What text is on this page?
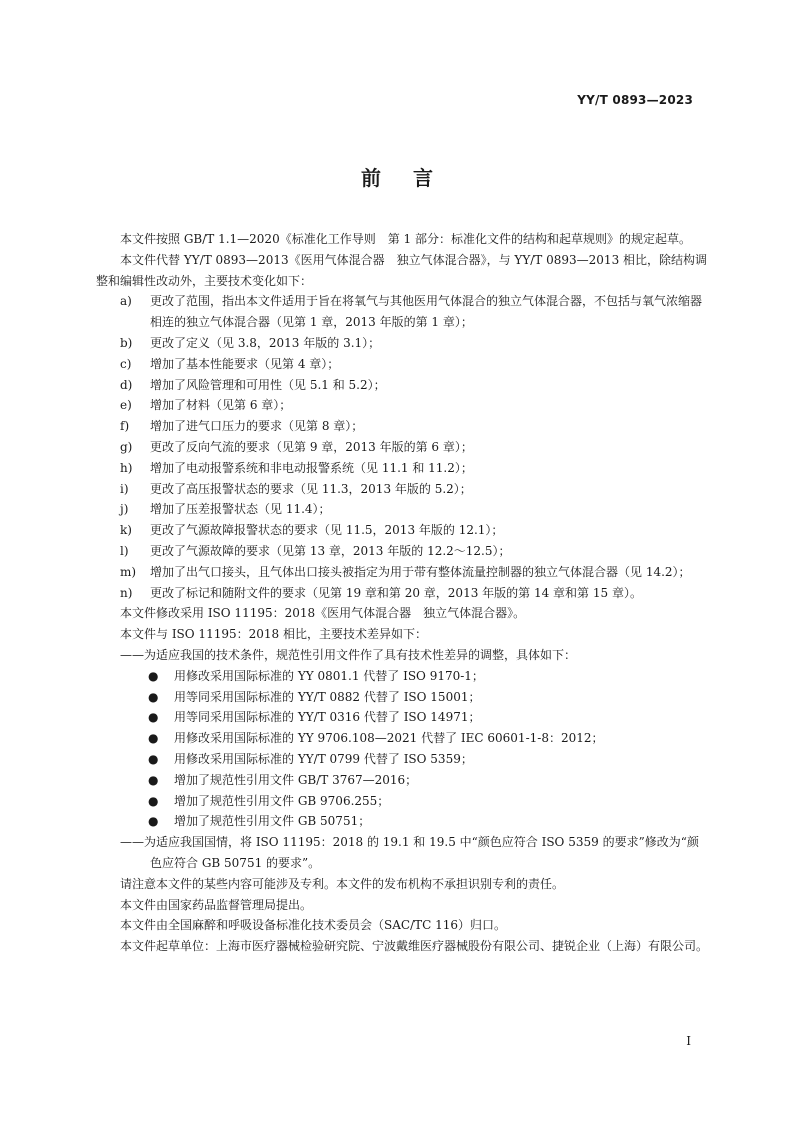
YY/T 0893—2023
前言

本文件按照 GB/T 1.1—2020《标准化工作导则　第 1 部分：标准化文件的结构和起草规则》的规定起草。

本文件代替 YY/T 0893—2013《医用气体混合器　独立气体混合器》，与 YY/T 0893—2013 相比，除结构调整和编辑性改动外，主要技术变化如下：

a)	更改了范围，指出本文件适用于旨在将氧气与其他医用气体混合的独立气体混合器，不包括与氧气浓缩器相连的独立气体混合器（见第 1 章，2013 年版的第 1 章）；

b)	更改了定义（见 3.8，2013 年版的 3.1）；

c)	增加了基本性能要求（见第 4 章）；

d)	增加了风险管理和可用性（见 5.1 和 5.2）；

e)	增加了材料（见第 6 章）；

f)	增加了进气口压力的要求（见第 8 章）；

g)	更改了反向气流的要求（见第 9 章，2013 年版的第 6 章）；

h)	增加了电动报警系统和非电动报警系统（见 11.1 和 11.2）；

i)	更改了高压报警状态的要求（见 11.3，2013 年版的 5.2）；

j)	增加了压差报警状态（见 11.4）；

k)	更改了气源故障报警状态的要求（见 11.5，2013 年版的 12.1）；

l)	更改了气源故障的要求（见第 13 章，2013 年版的 12.2～12.5）；

m)	增加了出气口接头，且气体出口接头被指定为用于带有整体流量控制器的独立气体混合器（见 14.2）；

n)	更改了标记和随附文件的要求（见第 19 章和第 20 章，2013 年版的第 14 章和第 15 章）。

本文件修改采用 ISO 11195：2018《医用气体混合器　独立气体混合器》。

本文件与 ISO 11195：2018 相比，主要技术差异如下：

——为适应我国的技术条件，规范性引用文件作了具有技术性差异的调整，具体如下：

● 用修改采用国际标准的 YY 0801.1 代替了 ISO 9170-1；

● 用等同采用国际标准的 YY/T 0882 代替了 ISO 15001；

● 用等同采用国际标准的 YY/T 0316 代替了 ISO 14971；

● 用修改采用国际标准的 YY 9706.108—2021 代替了 IEC 60601-1-8：2012；

● 用修改采用国际标准的 YY/T 0799 代替了 ISO 5359；

● 增加了规范性引用文件 GB/T 3767—2016；

● 增加了规范性引用文件 GB 9706.255；

● 增加了规范性引用文件 GB 50751；

——为适应我国国情，将 ISO 11195：2018 的 19.1 和 19.5 中“颜色应符合 ISO 5359 的要求”修改为“颜色应符合 GB 50751 的要求”。

请注意本文件的某些内容可能涉及专利。本文件的发布机构不承担识别专利的责任。

本文件由国家药品监督管理局提出。

本文件由全国麻醉和呼吸设备标准化技术委员会（SAC/TC 116）归口。

本文件起草单位：上海市医疗器械检验研究院、宁波戴维医疗器械股份有限公司、捷锐企业（上海）有限公司。

I
